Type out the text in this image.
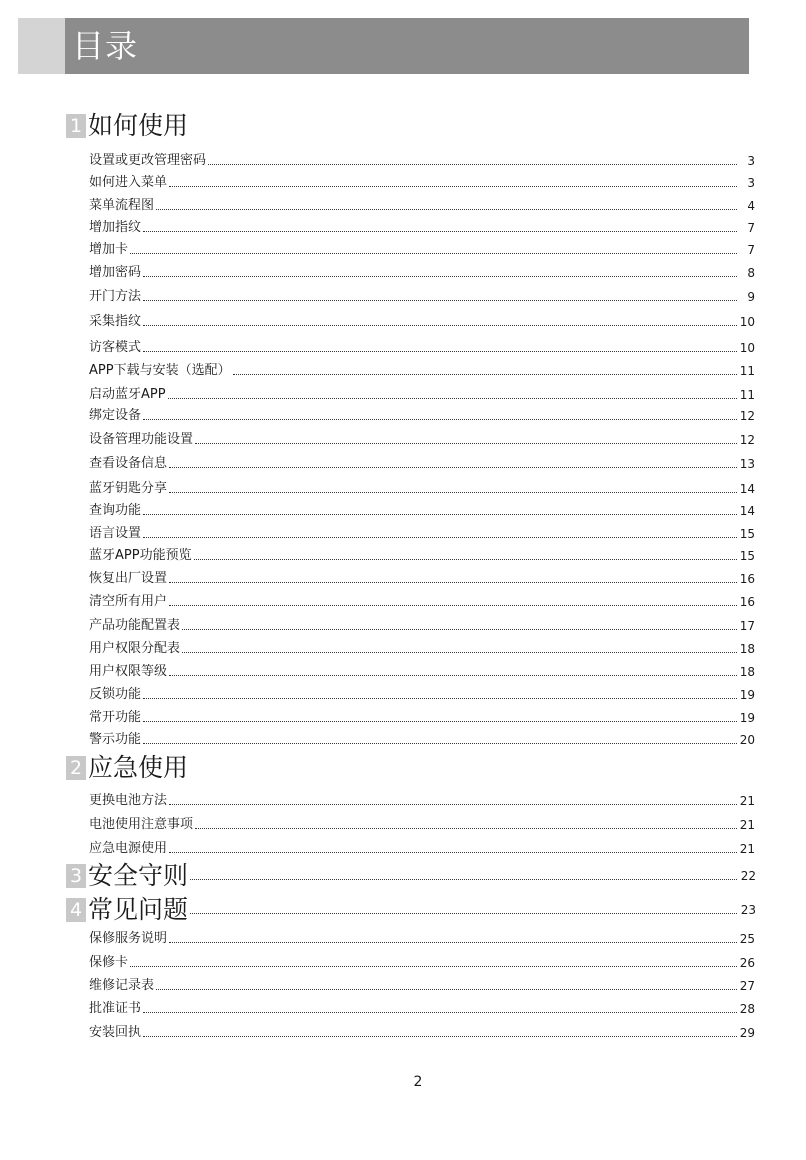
目录
1 如何使用
设置或更改管理密码	3
如何进入菜单	3
菜单流程图	4
增加指纹	7
增加卡	7
增加密码	8
开门方法	9
采集指纹	10
访客模式	10
APP下载与安装（选配）	11
启动蓝牙APP	11
绑定设备	12
设备管理功能设置	12
查看设备信息	13
蓝牙钥匙分享	14
查询功能	14
语言设置	15
蓝牙APP功能预览	15
恢复出厂设置	16
清空所有用户	16
产品功能配置表	17
用户权限分配表	18
用户权限等级	18
反锁功能	19
常开功能	19
警示功能	20
2 应急使用
更换电池方法	21
电池使用注意事项	21
应急电源使用	21
3 安全守则	22
4 常见问题	23
保修服务说明	25
保修卡	26
维修记录表	27
批准证书	28
安装回执	29
2
